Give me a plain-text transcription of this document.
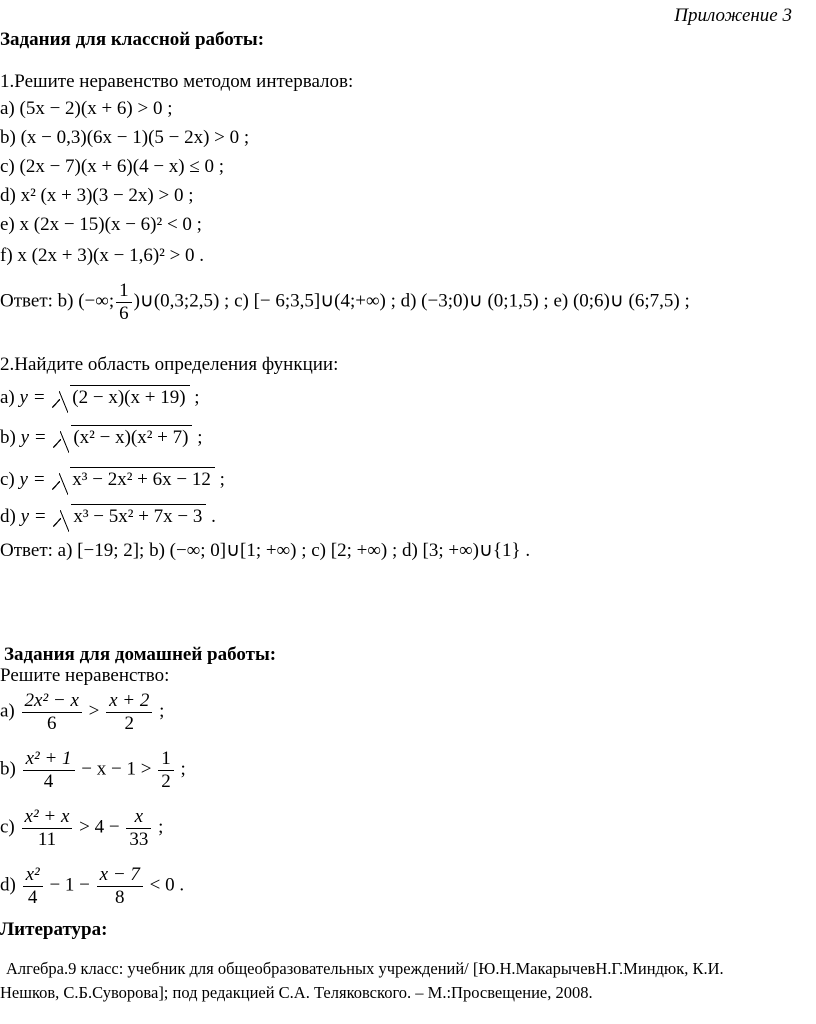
Приложение 3
Задания для классной работы:
1.Решите неравенство методом интервалов:
a) (5x − 2)(x + 6) > 0 ;
b) (x − 0,3)(6x − 1)(5 − 2x) > 0 ;
c) (2x − 7)(x + 6)(4 − x) ≤ 0 ;
d) x² (x + 3)(3 − 2x) > 0 ;
e) x (2x − 15)(x − 6)² < 0 ;
f) x (2x + 3)(x − 1,6)² > 0 .
Ответ: b) (−∞; $\frac{1}{6}$ )∪(0,3;2,5) ; c) [− 6;3,5]∪(4;+∞) ; d) (−3;0)∪ (0;1,5) ; e) (0;6)∪ (6;7,5) ;
2.Найдите область определения функции:
a) y = (2 − x)(x + 19) ;
b) y = (x² − x)(x² + 7) ;
c) y = x³ − 2x² + 6x − 12 ;
d) y = x³ − 5x² + 7x − 3 .
Ответ: a) [−19; 2]; b) (−∞; 0]∪[1; +∞) ; c) [2; +∞) ; d) [3; +∞)∪{1} .
Задания для домашней работы:
Решите неравенство:
$a) \frac{\text{2x² − x}}{6} > \frac{x + 2}{2}$ ;
$b) \frac{\text{x² + 1}}{4} - x - 1 > \frac{1}{2}$ ;
$c) \frac{\text{x² + x}}{11} > 4 - \frac{x}{33}$ ;
$d) \frac{\text{x²}}{4} - 1 - \frac{x - 7}{8} < 0$ .
Литература:
Алгебра.9 класс: учебник для общеобразовательных учреждений/ [Ю.Н.МакарычевН.Г.Миндюк, К.И.
Нешков, С.Б.Суворова]; под редакцией С.А. Теляковского. – М.:Просвещение, 2008.
